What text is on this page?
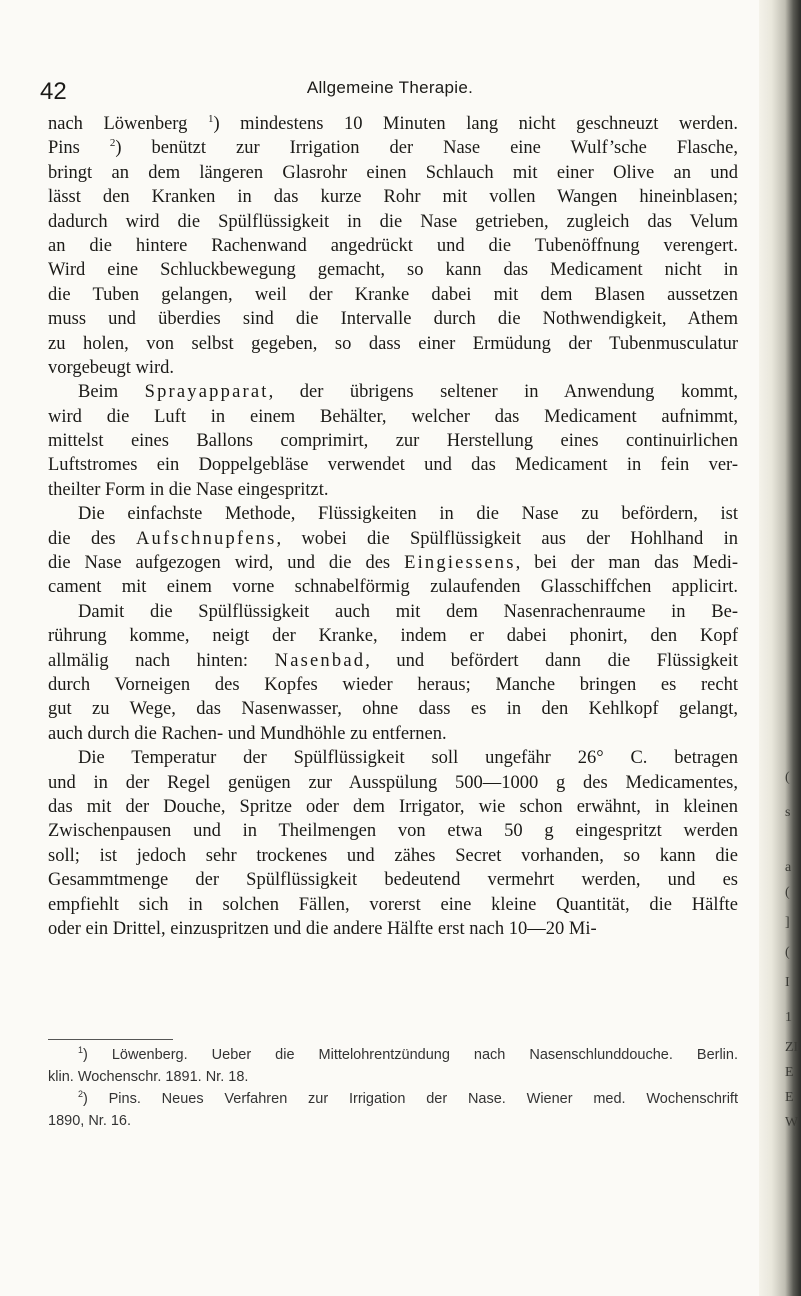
42	Allgemeine Therapie.
nach Löwenberg $^1$) mindestens 10 Minuten lang nicht geschneuzt werden.
Pins $^2$) benützt zur Irrigation der Nase eine Wulf’sche Flasche,
bringt an dem längeren Glasrohr einen Schlauch mit einer Olive an und
lässt den Kranken in das kurze Rohr mit vollen Wangen hineinblasen;
dadurch wird die Spülflüssigkeit in die Nase getrieben, zugleich das Velum
an die hintere Rachenwand angedrückt und die Tubenöffnung verengert.
Wird eine Schluckbewegung gemacht, so kann das Medicament nicht in
die Tuben gelangen, weil der Kranke dabei mit dem Blasen aussetzen
muss und überdies sind die Intervalle durch die Nothwendigkeit, Athem
zu holen, von selbst gegeben, so dass einer Ermüdung der Tubenmusculatur
vorgebeugt wird.
Beim Sprayapparat, der übrigens seltener in Anwendung kommt,
wird die Luft in einem Behälter, welcher das Medicament aufnimmt,
mittelst eines Ballons comprimirt, zur Herstellung eines continuirlichen
Luftstromes ein Doppelgebläse verwendet und das Medicament in fein ver-
theilter Form in die Nase eingespritzt.
Die einfachste Methode, Flüssigkeiten in die Nase zu befördern, ist
die des Aufschnupfens, wobei die Spülflüssigkeit aus der Hohlhand in
die Nase aufgezogen wird, und die des Eingiessens, bei der man das Medi-
cament mit einem vorne schnabelförmig zulaufenden Glasschiffchen applicirt.
Damit die Spülflüssigkeit auch mit dem Nasenrachenraume in Be-
rührung komme, neigt der Kranke, indem er dabei phonirt, den Kopf
allmälig nach hinten: Nasenbad, und befördert dann die Flüssigkeit
durch Vorneigen des Kopfes wieder heraus; Manche bringen es recht
gut zu Wege, das Nasenwasser, ohne dass es in den Kehlkopf gelangt,
auch durch die Rachen- und Mundhöhle zu entfernen.
Die Temperatur der Spülflüssigkeit soll ungefähr 26° C. betragen
und in der Regel genügen zur Ausspülung 500—1000 g des Medicamentes,
das mit der Douche, Spritze oder dem Irrigator, wie schon erwähnt, in kleinen
Zwischenpausen und in Theilmengen von etwa 50 g eingespritzt werden
soll; ist jedoch sehr trockenes und zähes Secret vorhanden, so kann die
Gesammtmenge der Spülflüssigkeit bedeutend vermehrt werden, und es
empfiehlt sich in solchen Fällen, vorerst eine kleine Quantität, die Hälfte
oder ein Drittel, einzuspritzen und die andere Hälfte erst nach 10—20 Mi-
$^1$) Löwenberg. Ueber die Mittelohrentzündung nach Nasenschlunddouche. Berlin.
klin. Wochenschr. 1891. Nr. 18.
$^2$) Pins. Neues Verfahren zur Irrigation der Nase. Wiener med. Wochenschrift
1890, Nr. 16.
(
s
a
(
]
(
I
1
ZI
E
E
W
